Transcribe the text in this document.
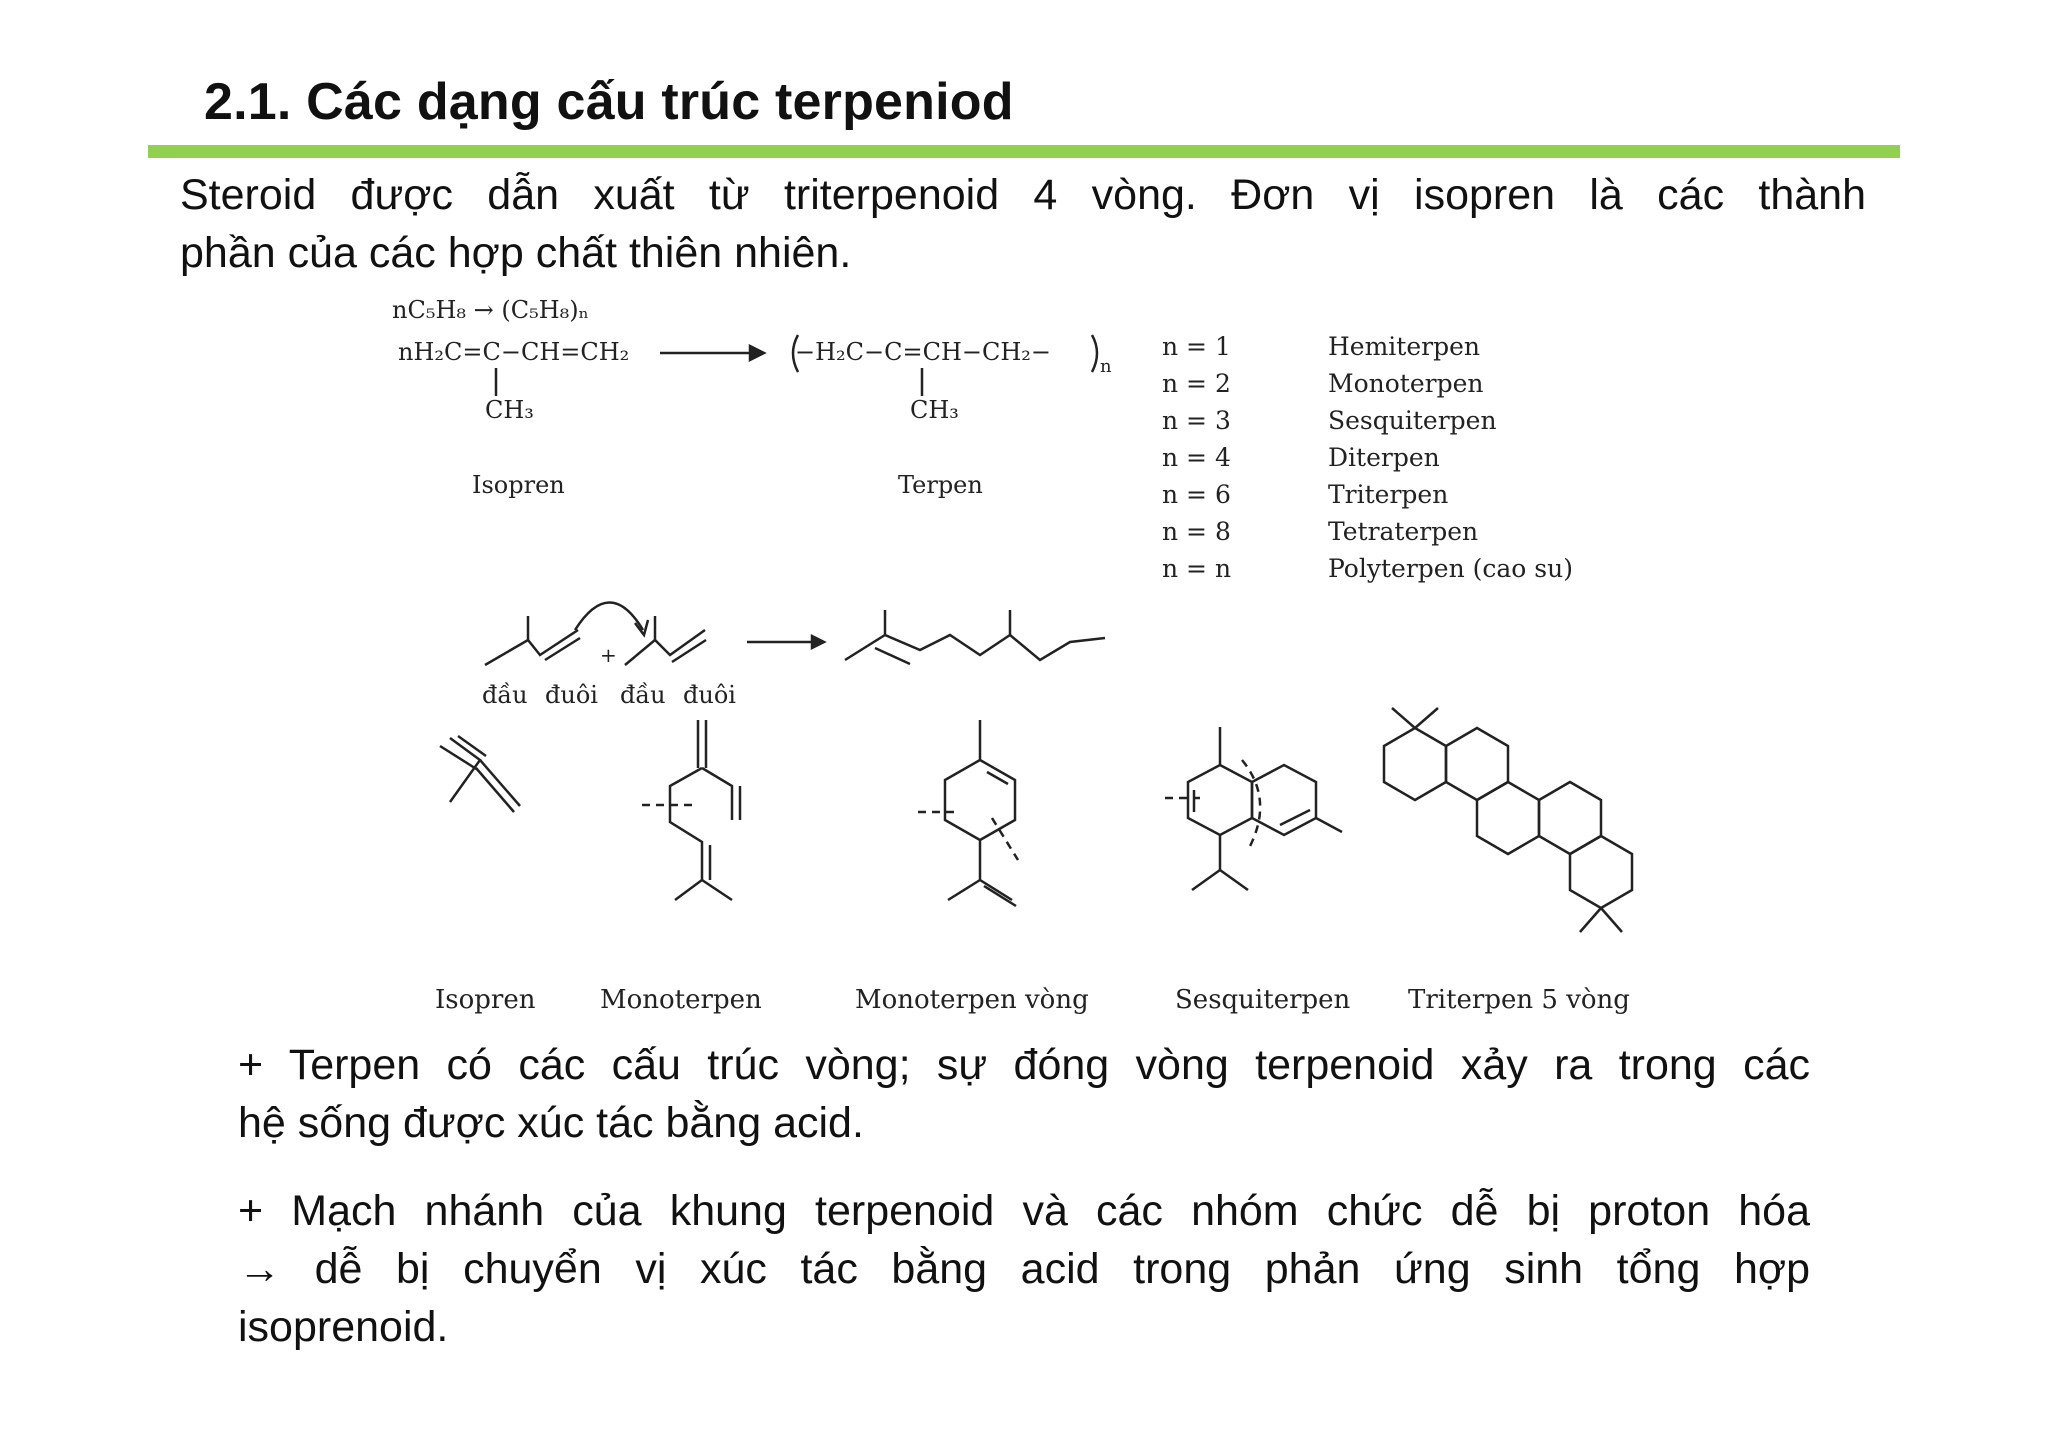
2.1. Các dạng cấu trúc terpeniod
Steroid được dẫn xuất từ triterpenoid 4 vòng. Đơn vị isopren là các thành
phần của các hợp chất thiên nhiên.
nC₅H₈ → (C₅H₈)ₙ
nH₂C=C−CH=CH₂
CH₃
−H₂C−C=CH−CH₂−
CH₃
n
Isopren	Terpen
n = 1	Hemiterpen
n = 2	Monoterpen
n = 3	Sesquiterpen
n = 4	Diterpen
n = 6	Triterpen
n = 8	Tetraterpen
n = n	Polyterpen (cao su)
đầu đuôi đầu đuôi
+
Isopren Monoterpen	Monoterpen vòng	Sesquiterpen Triterpen 5 vòng
+ Terpen có các cấu trúc vòng; sự đóng vòng terpenoid xảy ra trong các
hệ sống được xúc tác bằng acid.
+ Mạch nhánh của khung terpenoid và các nhóm chức dễ bị proton hóa
→ dễ bị chuyển vị xúc tác bằng acid trong phản ứng sinh tổng hợp
isoprenoid.
